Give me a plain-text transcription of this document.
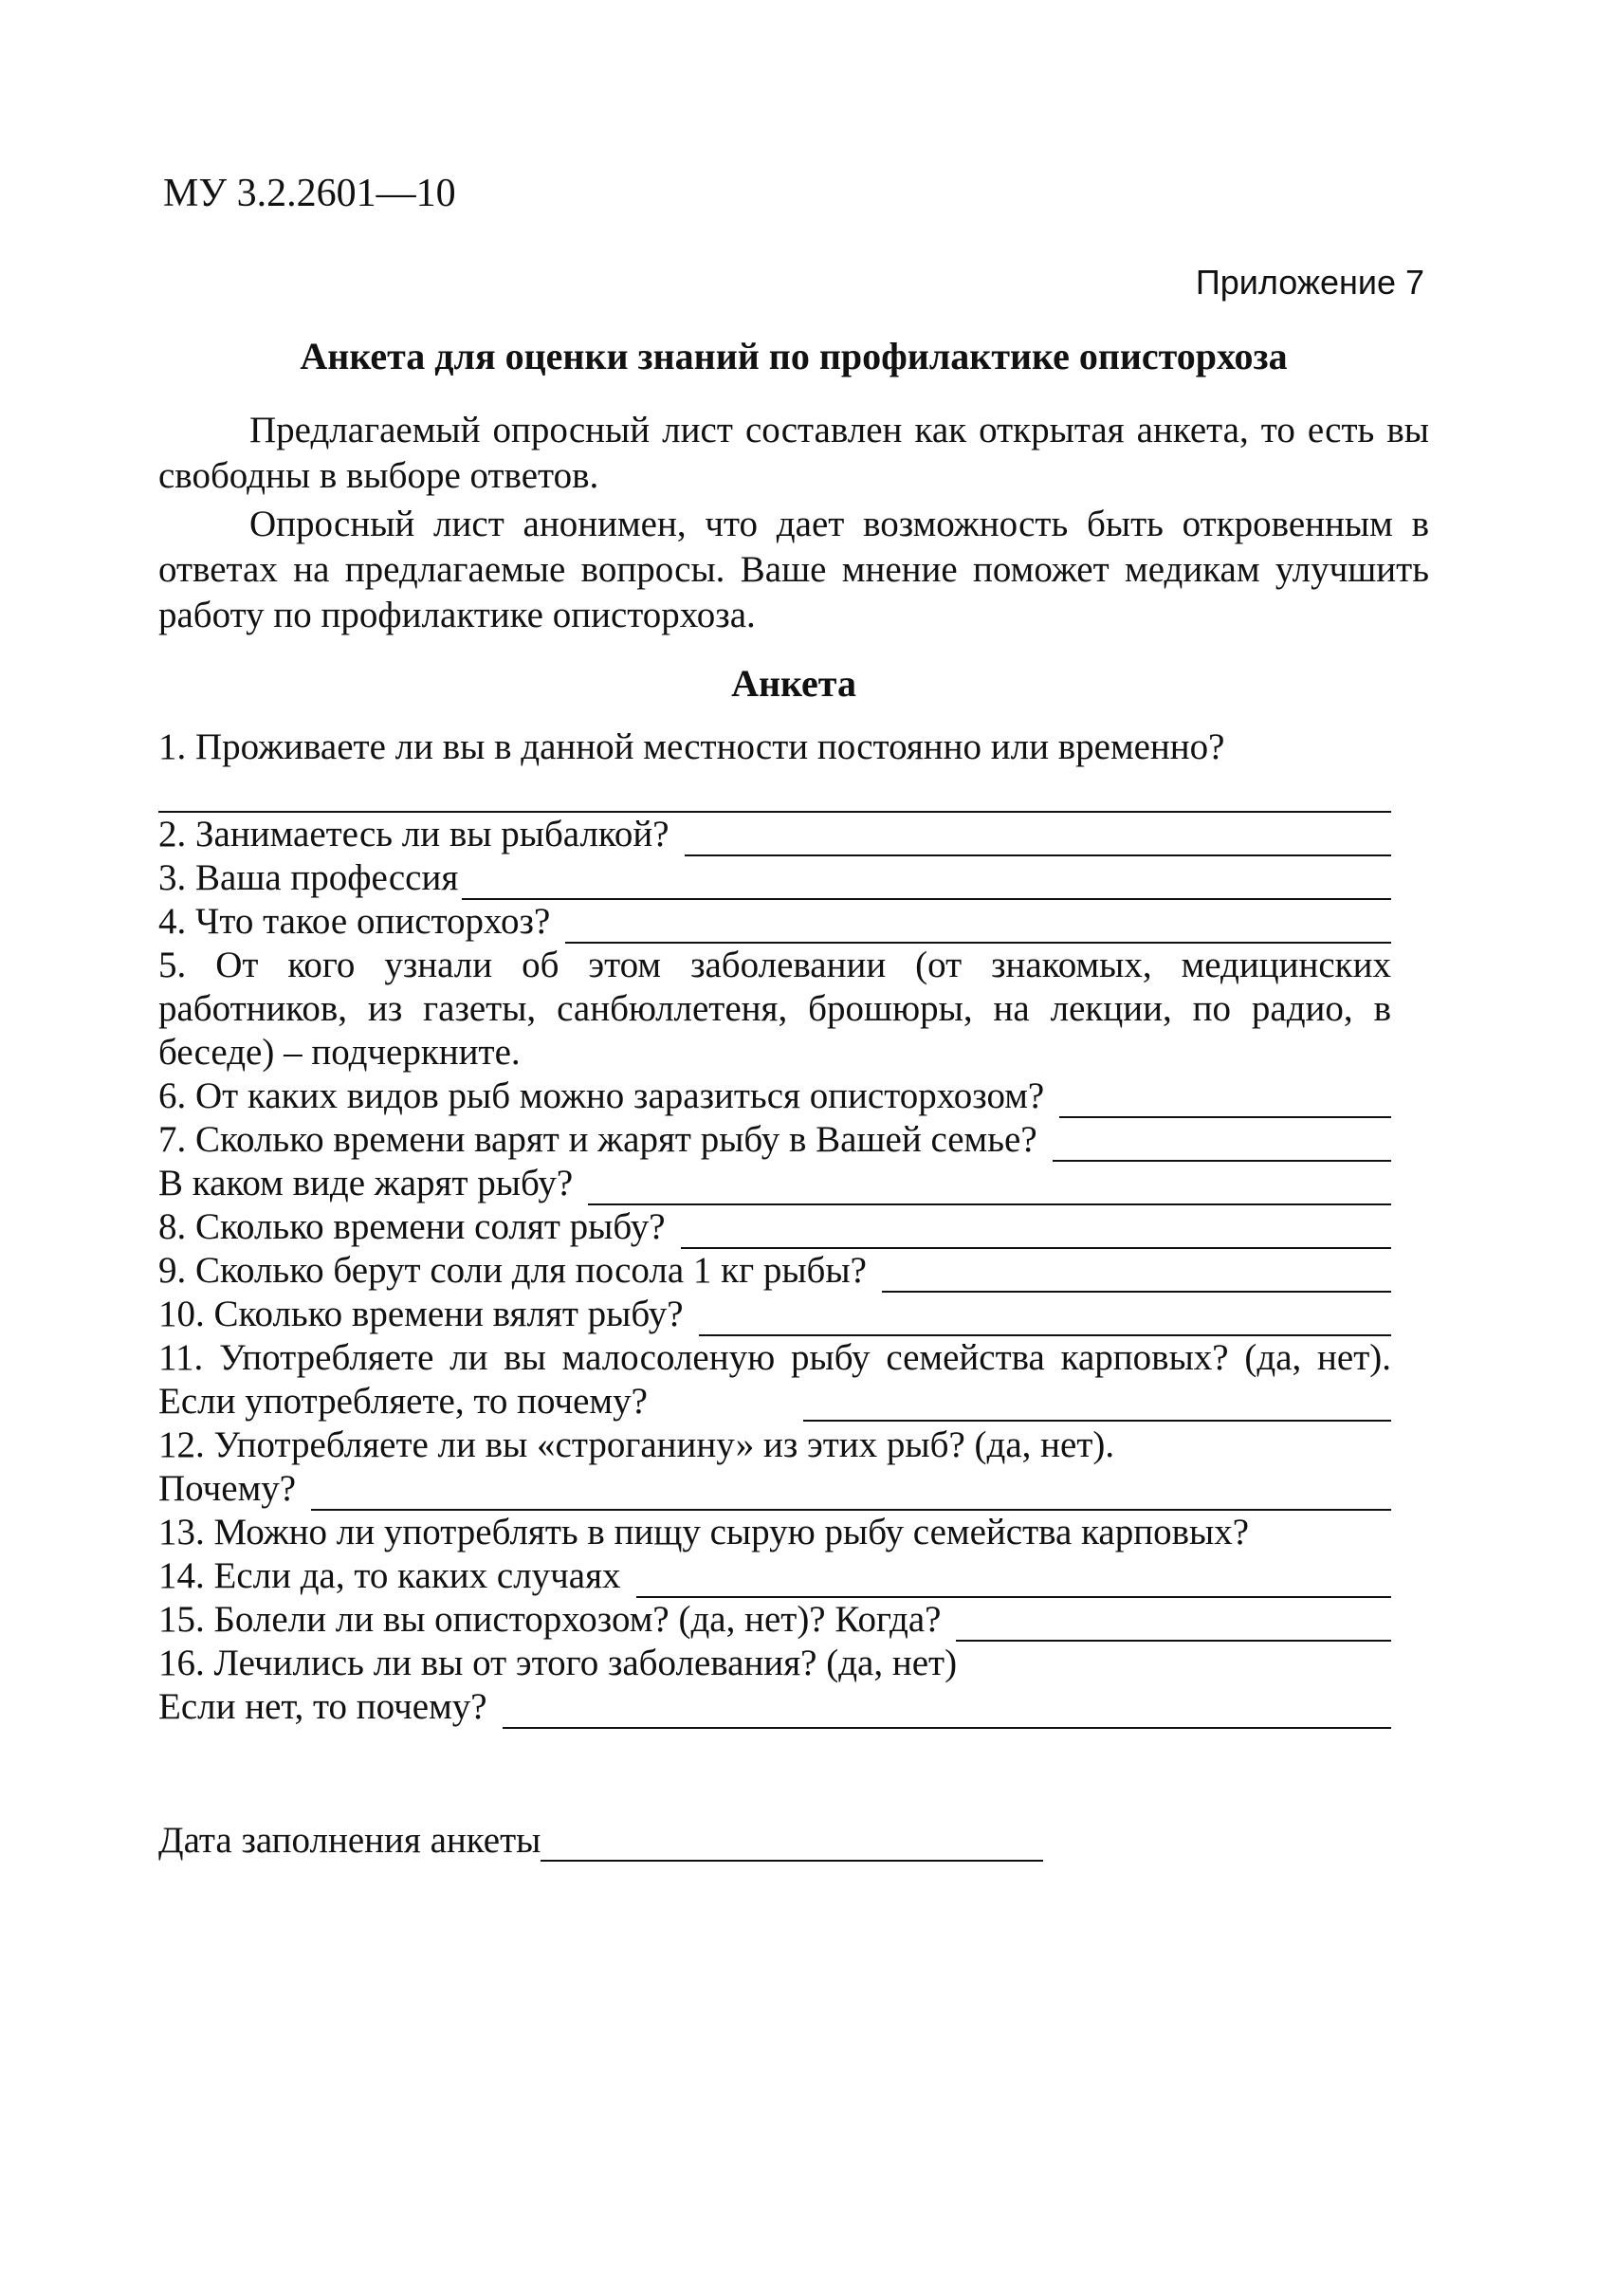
МУ 3.2.2601—10
Приложение 7
Анкета для оценки знаний по профилактике описторхоза

Предлагаемый опросный лист составлен как открытая анкета, то есть вы свободны в выборе ответов.

Опросный лист анонимен, что дает возможность быть откровенным в ответах на предлагаемые вопросы. Ваше мнение поможет медикам улучшить работу по профилактике описторхоза.

Анкета
1. Проживаете ли вы в данной местности постоянно или временно?
2. Занимаетесь ли вы рыбалкой?
3. Ваша профессия
4. Что такое описторхоз?

5. От кого узнали об этом заболевании (от знакомых, медицинских работников, из газеты, санбюллетеня, брошюры, на лекции, по радио, в беседе) – подчеркните.

6. От каких видов рыб можно заразиться описторхозом?
7. Сколько времени варят и жарят рыбу в Вашей семье?
В каком виде жарят рыбу?
8. Сколько времени солят рыбу?
9. Сколько берут соли для посола 1 кг рыбы?
10. Сколько времени вялят рыбу?

11. Употребляете ли вы малосоленую рыбу семейства карповых? (да, нет). Если употребляете, то почему?

12. Употребляете ли вы «строганину» из этих рыб? (да, нет).

Почему?
13. Можно ли употреблять в пищу сырую рыбу семейства карповых?
14. Если да, то каких случаях
15. Болели ли вы описторхозом? (да, нет)? Когда?
16. Лечились ли вы от этого заболевания? (да, нет)
Если нет, то почему?
Дата заполнения анкеты
